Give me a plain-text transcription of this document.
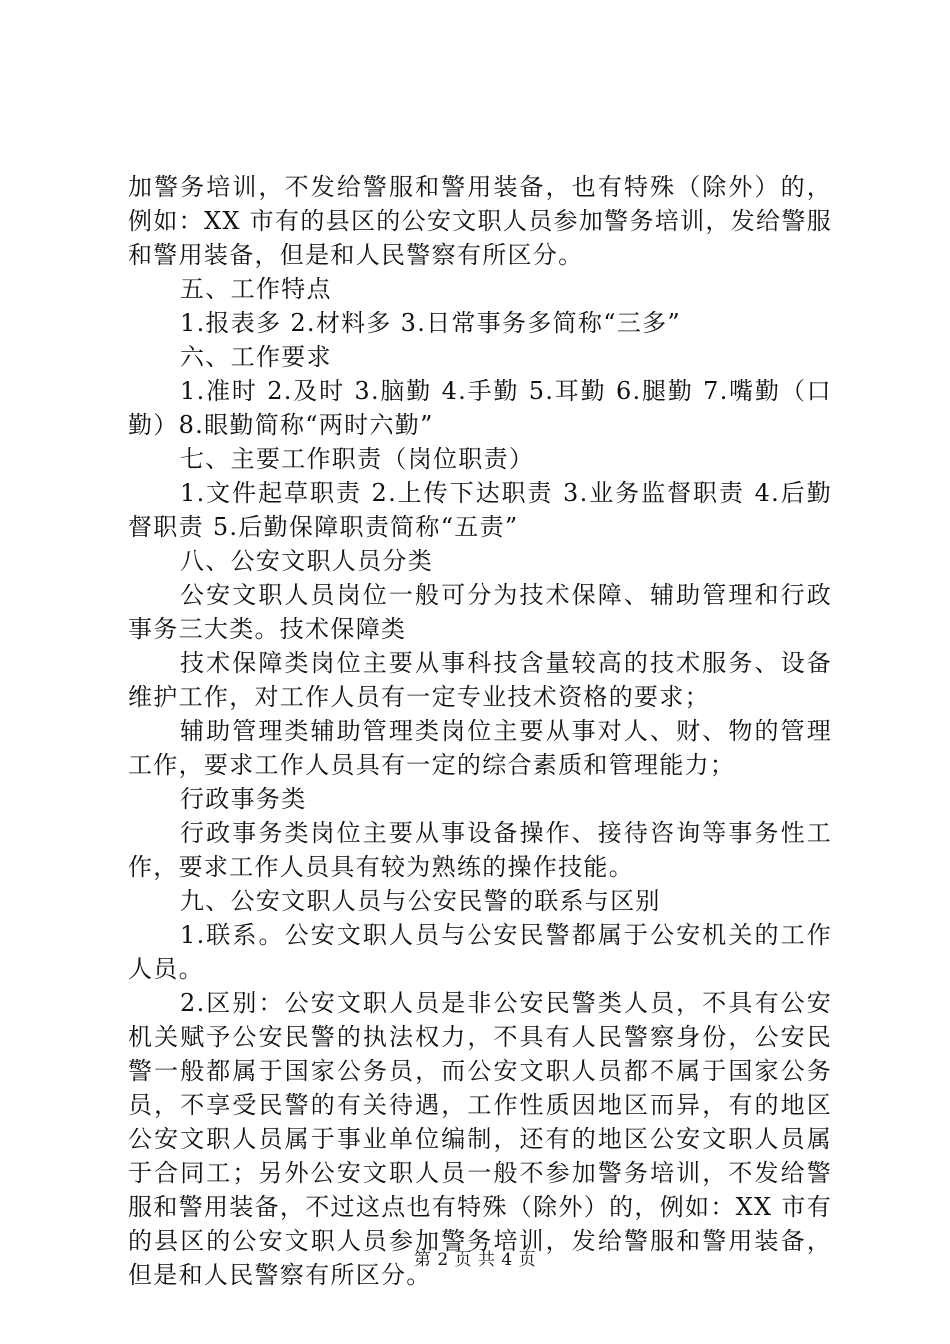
加警务培训，不发给警服和警用装备，也有特殊（除外）的，
例如：XX 市有的县区的公安文职人员参加警务培训，发给警服
和警用装备，但是和人民警察有所区分。
五、工作特点
1.报表多 2.材料多 3.日常事务多简称“三多”
六、工作要求
1.准时 2.及时 3.脑勤 4.手勤 5.耳勤 6.腿勤 7.嘴勤（口
勤）8.眼勤简称“两时六勤”
七、主要工作职责（岗位职责）
1.文件起草职责 2.上传下达职责 3.业务监督职责 4.后勤
督职责 5.后勤保障职责简称“五责”
八、公安文职人员分类
公安文职人员岗位一般可分为技术保障、辅助管理和行政
事务三大类。技术保障类
技术保障类岗位主要从事科技含量较高的技术服务、设备
维护工作，对工作人员有一定专业技术资格的要求；
辅助管理类辅助管理类岗位主要从事对人、财、物的管理
工作，要求工作人员具有一定的综合素质和管理能力；
行政事务类
行政事务类岗位主要从事设备操作、接待咨询等事务性工
作，要求工作人员具有较为熟练的操作技能。
九、公安文职人员与公安民警的联系与区别
1.联系。公安文职人员与公安民警都属于公安机关的工作
人员。
2.区别：公安文职人员是非公安民警类人员，不具有公安
机关赋予公安民警的执法权力，不具有人民警察身份，公安民
警一般都属于国家公务员，而公安文职人员都不属于国家公务
员，不享受民警的有关待遇，工作性质因地区而异，有的地区
公安文职人员属于事业单位编制，还有的地区公安文职人员属
于合同工；另外公安文职人员一般不参加警务培训，不发给警
服和警用装备，不过这点也有特殊（除外）的，例如：XX 市有
的县区的公安文职人员参加警务培训，发给警服和警用装备，
但是和人民警察有所区分。
第 2 页 共 4 页
